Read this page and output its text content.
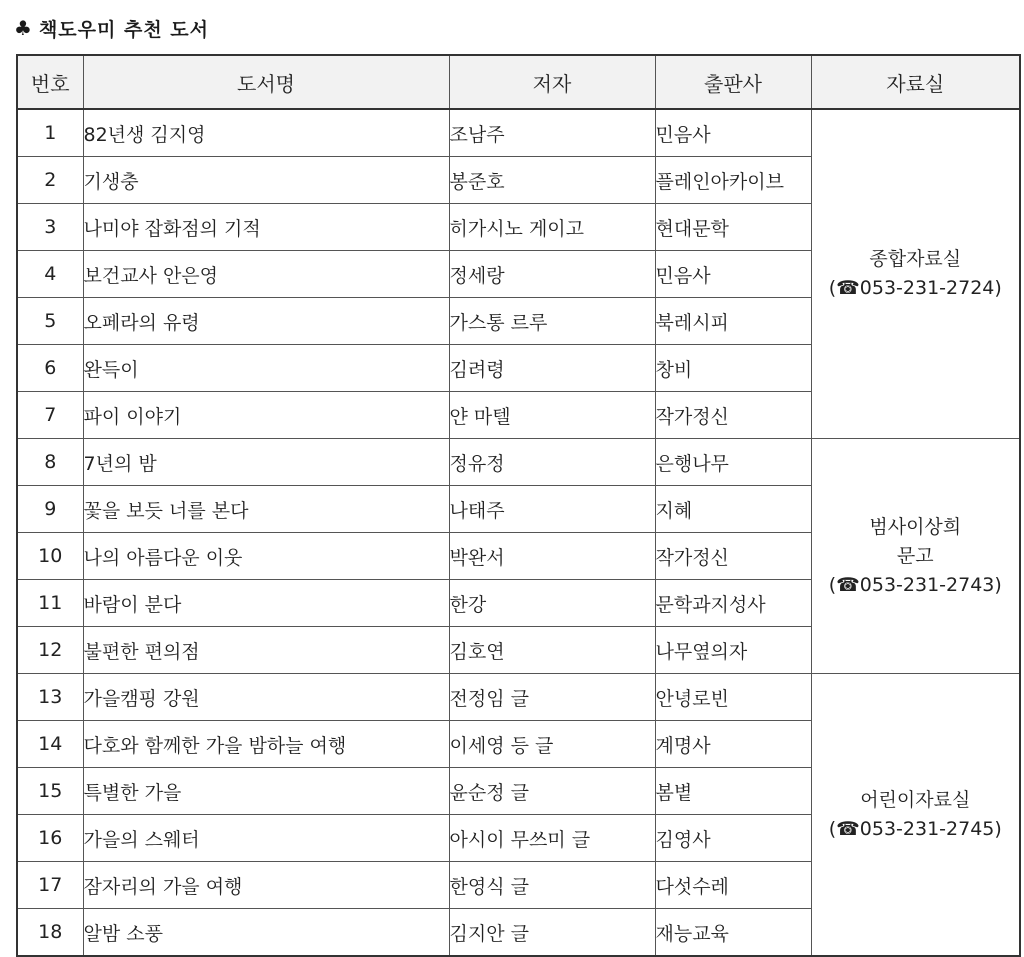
♣ 책도우미 추천 도서
번호	도서명	저자	출판사	자료실
1	82년생 김지영	조남주	민음사	종합자료실
(☎053-231-2724)

2	기생충	봉준호	플레인아카이브	
3	나미야 잡화점의 기적	히가시노 게이고	현대문학	
4	보건교사 안은영	정세랑	민음사	
5	오페라의 유령	가스통 르루	북레시피	
6	완득이	김려령	창비	
7	파이 이야기	얀 마텔	작가정신	
8	7년의 밤	정유정	은행나무	범사이상희
문고
(☎053-231-2743)

9	꽃을 보듯 너를 본다	나태주	지혜	
10	나의 아름다운 이웃	박완서	작가정신	
11	바람이 분다	한강	문학과지성사	
12	불편한 편의점	김호연	나무옆의자	
13	가을캠핑 강원	전정임 글	안녕로빈	어린이자료실
(☎053-231-2745)

14	다호와 함께한 가을 밤하늘 여행	이세영 등 글	계명사	
15	특별한 가을	윤순정 글	봄볕	
16	가을의 스웨터	아시이 무쓰미 글	김영사	
17	잠자리의 가을 여행	한영식 글	다섯수레	
18	알밤 소풍	김지안 글	재능교육	
